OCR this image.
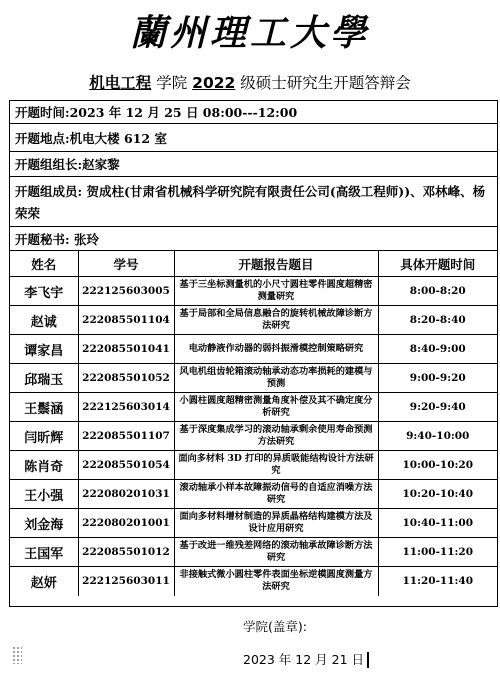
蘭州理工大學
机电工程 学院 2022 级硕士研究生开题答辩会
开题时间:2023 年 12 月 25 日 08:00---12:00
开题地点:机电大楼 612 室
开题组组长:赵家黎
开题组成员: 贺成柱(甘肃省机械科学研究院有限责任公司(高级工程师))、邓林峰、杨荣荣
开题秘书: 张玲
姓名	学号	开题报告题目	具体开题时间
李飞宇	222125603005	基于三坐标测量机的小尺寸圆柱零件圆度超精密测量研究	8:00-8:20
赵诚	222085501104	基于局部和全局信息融合的旋转机械故障诊断方法研究	8:20-8:40
谭家昌	222085501041	电动静液作动器的弱抖振滑模控制策略研究	8:40-9:00
邱瑞玉	222085501052	风电机组齿轮箱滚动轴承动态功率损耗的建模与预测	9:00-9:20
王鬃涵	222125603014	小圆柱圆度超精密测量角度补偿及其不确定度分析研究	9:20-9:40
闫昕辉	222085501107	基于深度集成学习的滚动轴承剩余使用寿命预测方法研究	9:40-10:00
陈肖奇	222085501054	面向多材料 3D 打印的异质吸能结构设计方法研究	10:00-10:20
王小强	222080201031	滚动轴承小样本故障振动信号的自适应消噪方法研究	10:20-10:40
刘金海	222080201001	面向多材料增材制造的异质晶格结构建模方法及设计应用研究	10:40-11:00
王国军	222085501012	基于改进一维残差网络的滚动轴承故障诊断方法研究	11:00-11:20
赵妍	222125603011	非接触式微小圆柱零件表面坐标逆模圆度测量方法研究	11:20-11:40
学院(盖章):
2023 年 12 月 21 日
